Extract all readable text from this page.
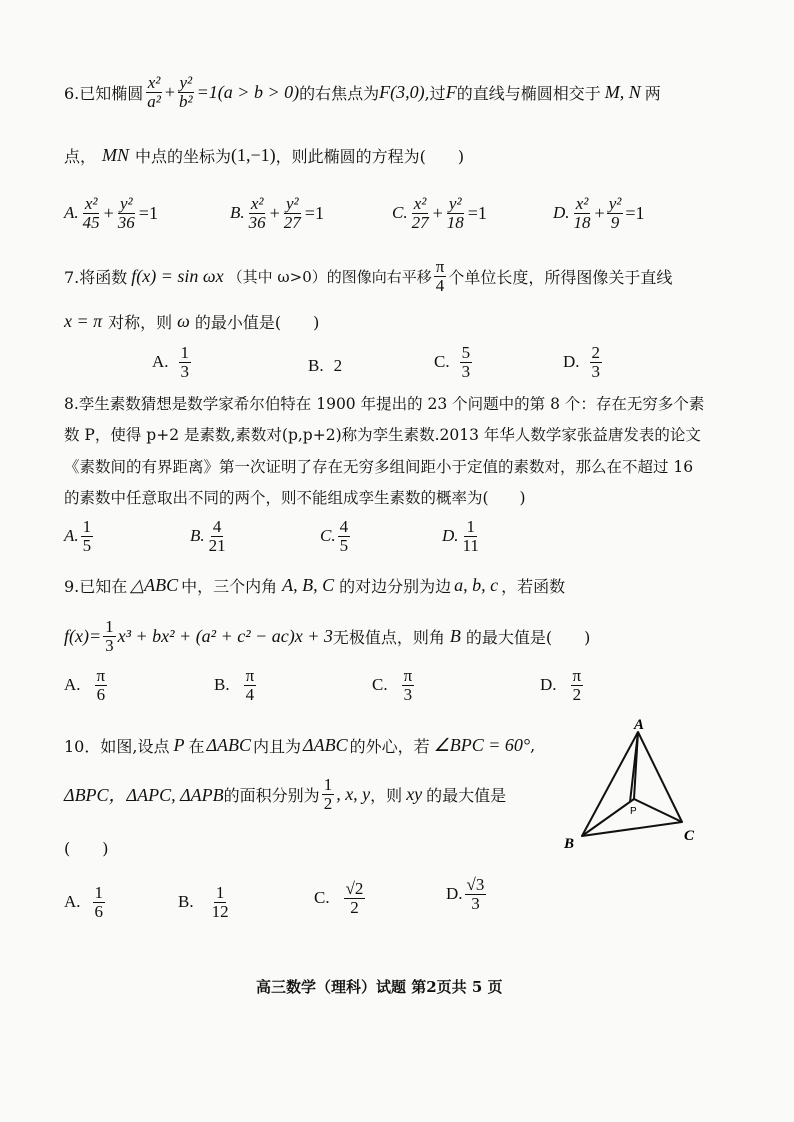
6.已知椭圆 $\frac{\text{x²}}{\text{a²}} + \frac{\text{y²}}{\text{b²}} =1(a > b > 0)$ 的右焦点为 F(3,0) ,过 F 的直线与椭圆相交于 M, N 两
点， MN 中点的坐标为 (1,−1) ，则此椭圆的方程为(　　)
A. $\frac{\text{x²}}{45} + \frac{\text{y²}}{36} =1$	B. $\frac{\text{x²}}{36} + \frac{\text{y²}}{27} =1$	C. $\frac{\text{x²}}{27} + \frac{\text{y²}}{18} =1$	D. $\frac{\text{x²}}{18} + \frac{\text{y²}}{9} =1$
7.将函数 f(x) = sin ωx （其中 ω>0）的图像向右平移 $\frac{\pi}{4}$ 个单位长度，所得图像关于直线
x = π 对称，则 ω 的最小值是(　　)
A. $\frac{1}{3}$	B. 2	C. $\frac{5}{3}$	D. $\frac{2}{3}$
8.孪生素数猜想是数学家希尔伯特在 1900 年提出的 23 个问题中的第 8 个：存在无穷多个素
数 P，使得 p+2 是素数,素数对(p,p+2)称为孪生素数.2013 年华人数学家张益唐发表的论文
《素数间的有界距离》第一次证明了存在无穷多组间距小于定值的素数对，那么在不超过 16
的素数中任意取出不同的两个，则不能组成孪生素数的概率为(　　)
A. $\frac{1}{5}$	B. $\frac{4}{21}$	C. $\frac{4}{5}$	D. $\frac{1}{11}$
9.已知在 △ABC 中，三个内角 A, B, C 的对边分别为边 a, b, c ，若函数
$f(x)= \frac{1}{3} x^3 + bx^2 + (a^2 + c^2 - ac)x + 3$ 无极值点，则角 B 的最大值是(　　)
A. $\frac{\pi}{6}$	B. $\frac{\pi}{4}$	C. $\frac{\pi}{3}$	D. $\frac{\pi}{2}$
10．如图,设点 P 在 ΔABC 内且为 ΔABC 的外心，若 ∠BPC = 60° ,
ΔBPC，ΔAPC, ΔAPB 的面积分别为 $\frac{1}{2}$ , x, y ，则 xy 的最大值是
(　　)
A
B	C
P
A. $\frac{1}{6}$	B. $\frac{1}{12}$	C. $\frac{√2}{2}$	D. $\frac{√3}{3}$
高三数学（理科）试题 第2页共 5 页
